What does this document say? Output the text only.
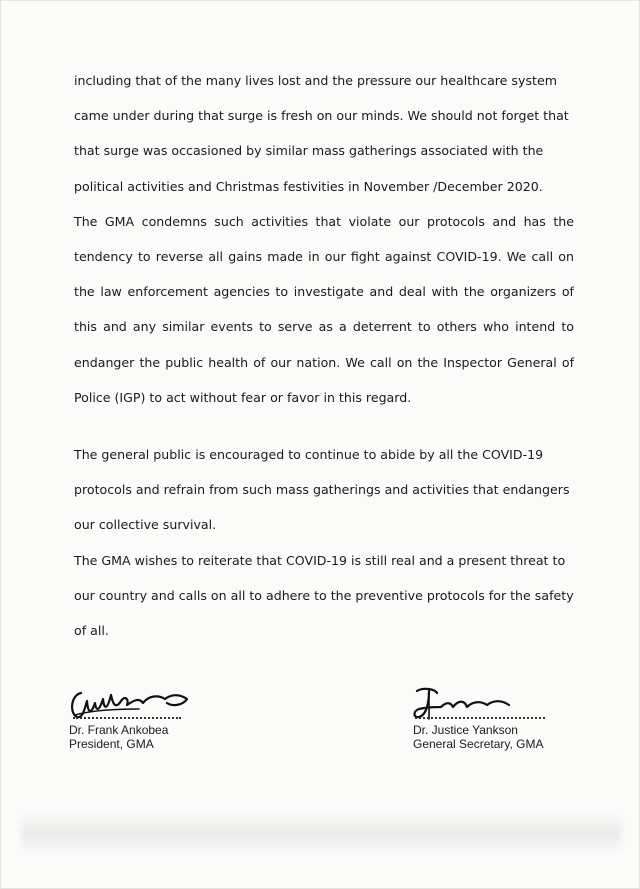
including that of the many lives lost and the pressure our healthcare system came under during that surge is fresh on our minds. We should not forget that that surge was occasioned by similar mass gatherings associated with the political activities and Christmas festivities in November /December 2020.

The GMA condemns such activities that violate our protocols and has the tendency to reverse all gains made in our fight against COVID-19. We call on the law enforcement agencies to investigate and deal with the organizers of this and any similar events to serve as a deterrent to others who intend to endanger the public health of our nation. We call on the Inspector General of Police (IGP) to act without fear or favor in this regard.

The general public is encouraged to continue to abide by all the COVID-19 protocols and refrain from such mass gatherings and activities that endangers our collective survival.

The GMA wishes to reiterate that COVID-19 is still real and a present threat to our country and calls on all to adhere to the preventive protocols for the safety of all.

Dr. Frank Ankobea
President, GMA
Dr. Justice Yankson
General Secretary, GMA
